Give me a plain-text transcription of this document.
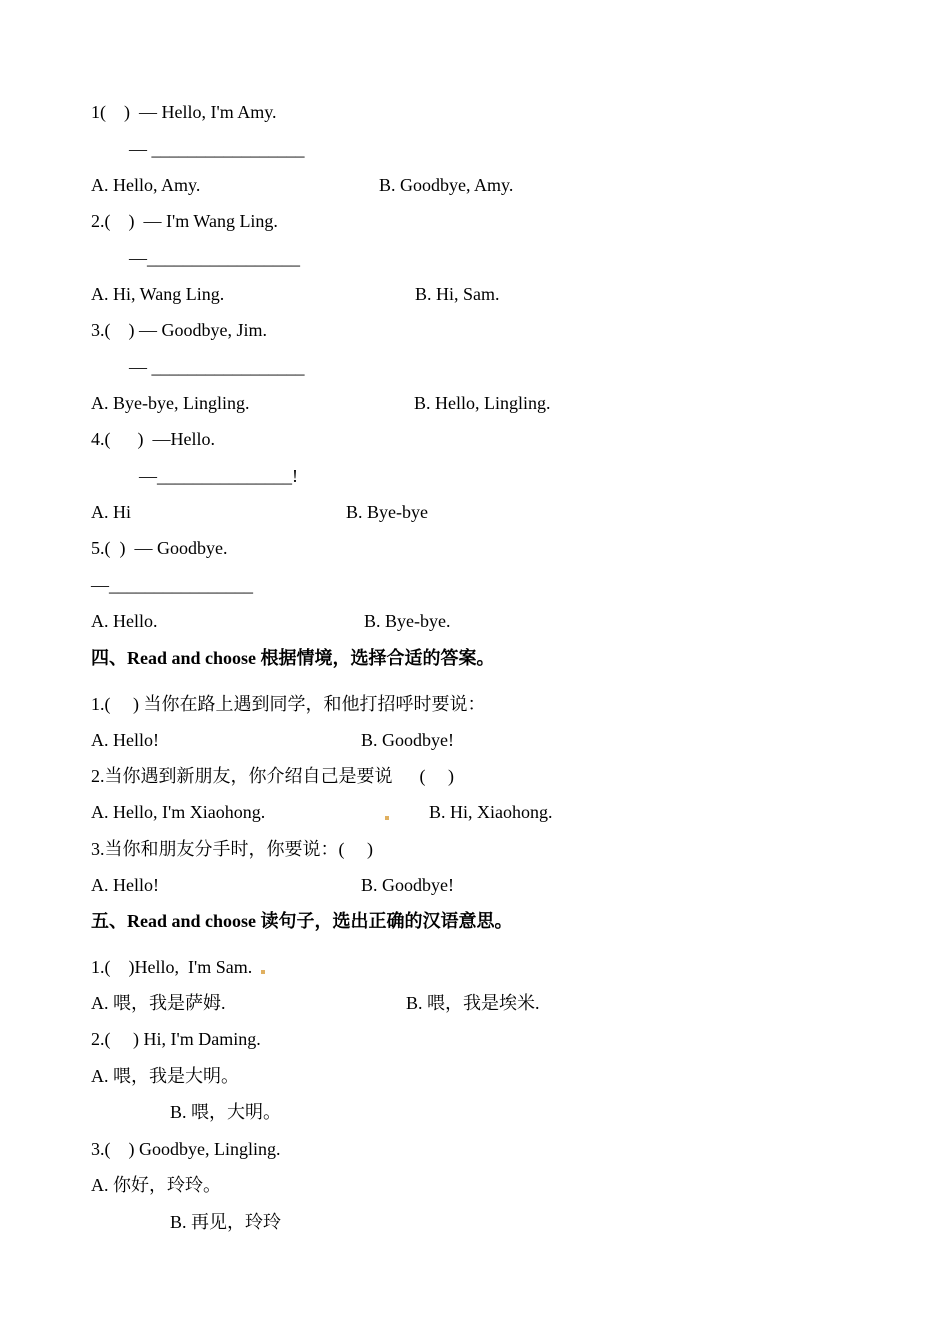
1(    )  — Hello, I'm Amy.
— _________________
A. Hello, Amy.	B. Goodbye, Amy.
2.(    )  — I'm Wang Ling.
—_________________
A. Hi, Wang Ling.	B. Hi, Sam.
3.(    ) — Goodbye, Jim.
— _________________
A. Bye-bye, Lingling.	B. Hello, Lingling.
4.(      )  —Hello.
—_______________!
A. Hi	B. Bye-bye
5.(  )  — Goodbye.
—________________
A. Hello.	B. Bye-bye.
四、Read and choose 根据情境，选择合适的答案。
1.(     ) 当你在路上遇到同学，和他打招呼时要说：
A. Hello!	B. Goodbye!
2.当你遇到新朋友，你介绍自己是要说      (     )
A. Hello, I'm Xiaohong.	B. Hi, Xiaohong.
3.当你和朋友分手时，你要说：(     )
A. Hello!	B. Goodbye!
五、Read and choose 读句子，选出正确的汉语意思。
1.(    )Hello,  I'm Sam.
A. 喂，我是萨姆.	B. 喂，我是埃米.
2.(     ) Hi, I'm Daming.
A. 喂，我是大明。
B. 喂，大明。
3.(    ) Goodbye, Lingling.
A. 你好，玲玲。
B. 再见，玲玲
